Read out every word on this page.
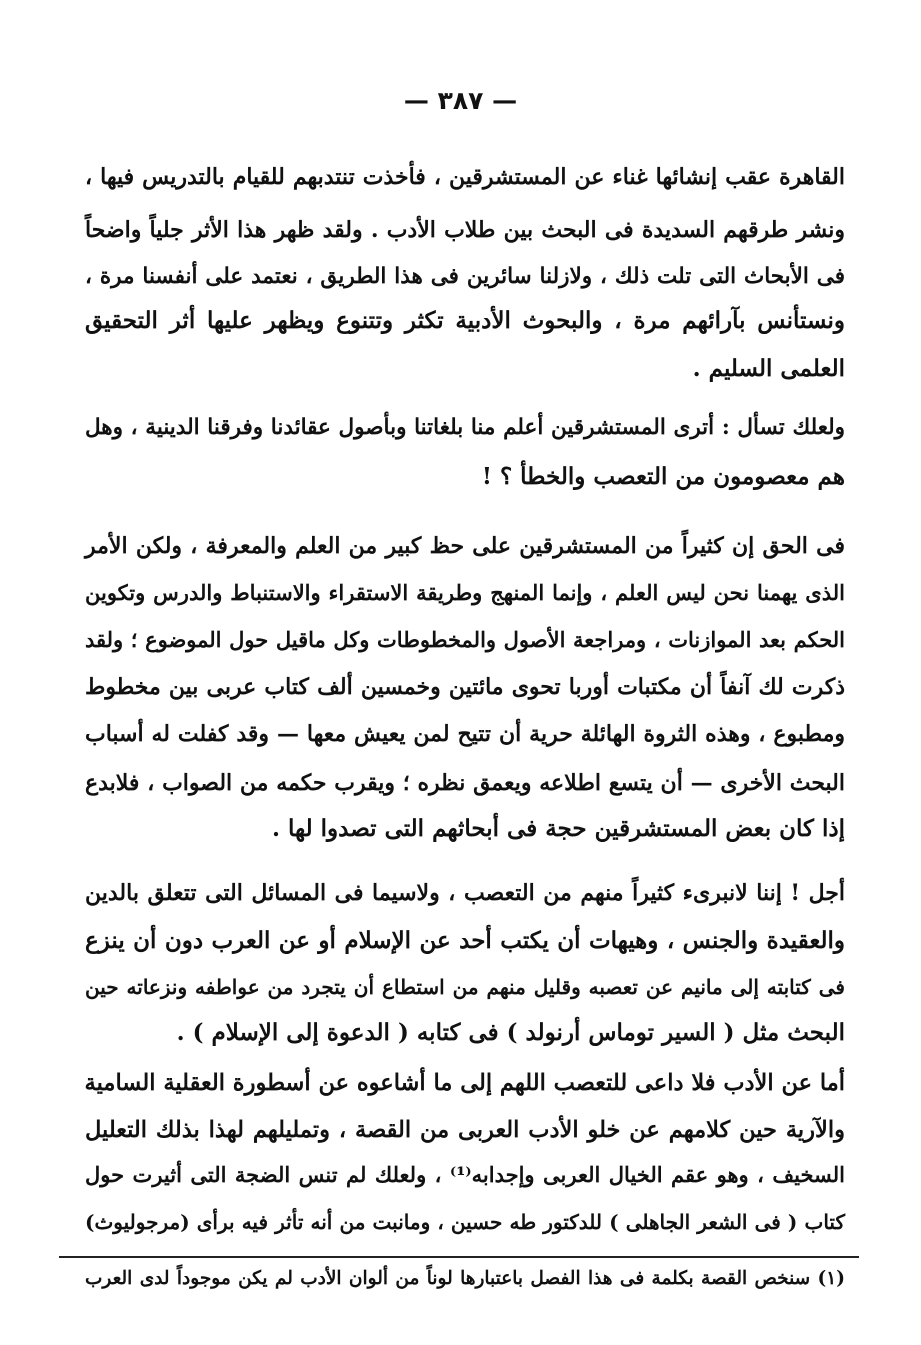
— ٣٨٧ —
القاهرة عقب إنشائها غناء عن المستشرقين ، فأخذت تنتدبهم للقيام بالتدريس فيها ،
ونشر طرقهم السديدة فى البحث بين طلاب الأدب . ولقد ظهر هذا الأثر جلياً واضحاً
فى الأبحاث التى تلت ذلك ، ولازلنا سائرين فى هذا الطريق ، نعتمد على أنفسنا مرة ،
ونستأنس بآرائهم مرة ، والبحوث الأدبية تكثر وتتنوع ويظهر عليها أثر التحقيق
العلمى السليم .
ولعلك تسأل : أترى المستشرقين أعلم منا بلغاتنا وبأصول عقائدنا وفرقنا الدينية ، وهل
هم معصومون من التعصب والخطأ ؟ !
فى الحق إن كثيراً من المستشرقين على حظ كبير من العلم والمعرفة ، ولكن الأمر
الذى يهمنا نحن ليس العلم ، وإنما المنهج وطريقة الاستقراء والاستنباط والدرس وتكوين
الحكم بعد الموازنات ، ومراجعة الأصول والمخطوطات وكل ماقيل حول الموضوع ؛ ولقد
ذكرت لك آنفاً أن مكتبات أوربا تحوى مائتين وخمسين ألف كتاب عربى بين مخطوط
ومطبوع ، وهذه الثروة الهائلة حرية أن تتيح لمن يعيش معها — وقد كفلت له أسباب
البحث الأخرى — أن يتسع اطلاعه ويعمق نظره ؛ ويقرب حكمه من الصواب ، فلابدع
إذا كان بعض المستشرقين حجة فى أبحاثهم التى تصدوا لها .
أجل ! إننا لانبرىء كثيراً منهم من التعصب ، ولاسيما فى المسائل التى تتعلق بالدين
والعقيدة والجنس ، وهيهات أن يكتب أحد عن الإسلام أو عن العرب دون أن ينزع
فى كتابته إلى مانيم عن تعصبه وقليل منهم من استطاع أن يتجرد من عواطفه ونزعاته حين
البحث مثل ( السير توماس أرنولد ) فى كتابه ( الدعوة إلى الإسلام ) .
أما عن الأدب فلا داعى للتعصب اللهم إلى ما أشاعوه عن أسطورة العقلية السامية
والآرية حين كلامهم عن خلو الأدب العربى من القصة ، وتمليلهم لهذا بذلك التعليل
السخيف ، وهو عقم الخيال العربى وإجدابه⁽¹⁾ ، ولعلك لم تنس الضجة التى أثيرت حول
كتاب ( فى الشعر الجاهلى ) للدكتور طه حسين ، ومانبت من أنه تأثر فيه برأى (مرجوليوث)
(١) سنخص القصة بكلمة فى هذا الفصل باعتبارها لوناً من ألوان الأدب لم يكن موجوداً لدى العرب
